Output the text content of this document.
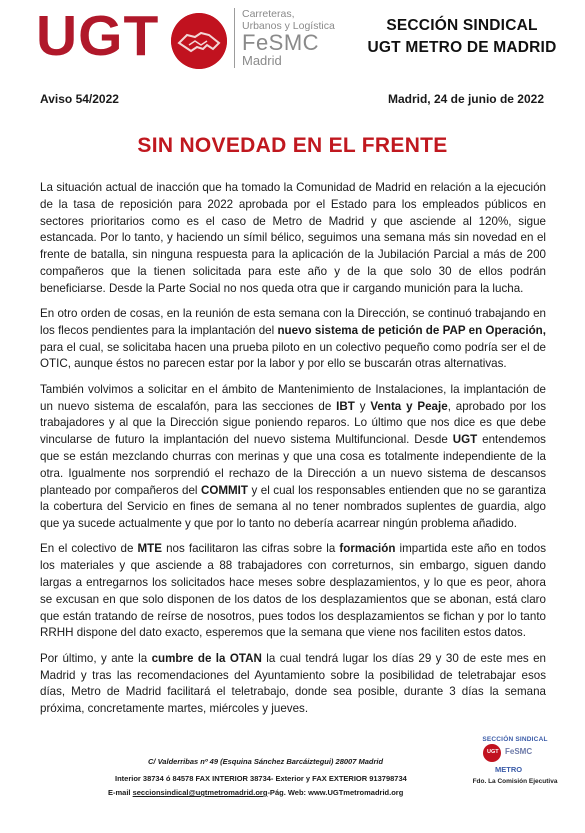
UGT	Carreteras,
Urbanos y Logística
FeSMC
Madrid
SECCIÓN SINDICAL
UGT METRO DE MADRID
Aviso 54/2022	Madrid, 24 de junio de 2022
SIN NOVEDAD EN EL FRENTE

La situación actual de inacción que ha tomado la Comunidad de Madrid en relación a la ejecución de la tasa de reposición para 2022 aprobada por el Estado para los empleados públicos en sectores prioritarios como es el caso de Metro de Madrid y que asciende al 120%, sigue estancada. Por lo tanto, y haciendo un símil bélico, seguimos una semana más sin novedad en el frente de batalla, sin ninguna respuesta para la aplicación de la Jubilación Parcial a más de 200 compañeros que la tienen solicitada para este año y de la que solo 30 de ellos podrán beneficiarse. Desde la Parte Social no nos queda otra que ir cargando munición para la lucha.

En otro orden de cosas, en la reunión de esta semana con la Dirección, se continuó trabajando en los flecos pendientes para la implantación del nuevo sistema de petición de PAP en Operación, para el cual, se solicitaba hacen una prueba piloto en un colectivo pequeño como podría ser el de OTIC, aunque éstos no parecen estar por la labor y por ello se buscarán otras alternativas.

También volvimos a solicitar en el ámbito de Mantenimiento de Instalaciones, la implantación de un nuevo sistema de escalafón, para las secciones de IBT y Venta y Peaje, aprobado por los trabajadores y al que la Dirección sigue poniendo reparos. Lo último que nos dice es que debe vincularse de futuro la implantación del nuevo sistema Multifuncional. Desde UGT entendemos que se están mezclando churras con merinas y que una cosa es totalmente independiente de la otra. Igualmente nos sorprendió el rechazo de la Dirección a un nuevo sistema de descansos planteado por compañeros del COMMIT y el cual los responsables entienden que no se garantiza la cobertura del Servicio en fines de semana al no tener nombrados suplentes de guardia, algo que ya sucede actualmente y que por lo tanto no debería acarrear ningún problema añadido.

En el colectivo de MTE nos facilitaron las cifras sobre la formación impartida este año en todos los materiales y que asciende a 88 trabajadores con correturnos, sin embargo, siguen dando largas a entregarnos los solicitados hace meses sobre desplazamientos, y lo que es peor, ahora se excusan en que solo disponen de los datos de los desplazamientos que se abonan, está claro que están tratando de reírse de nosotros, pues todos los desplazamientos se fichan y por lo tanto RRHH dispone del dato exacto, esperemos que la semana que viene nos faciliten estos datos.

Por último, y ante la cumbre de la OTAN la cual tendrá lugar los días 29 y 30 de este mes en Madrid y tras las recomendaciones del Ayuntamiento sobre la posibilidad de teletrabajar esos días, Metro de Madrid facilitará el teletrabajo, donde sea posible, durante 3 días la semana próxima, concretamente martes, miércoles y jueves.

SECCIÓN SINDICAL
UGT FeSMC
METRO
Fdo. La Comisión Ejecutiva
C/ Valderribas nº 49 (Esquina Sánchez Barcáiztegui) 28007 Madrid
Interior 38734 ó 84578 FAX INTERIOR 38734- Exterior y FAX EXTERIOR 913798734
E-mail seccionsindical@ugtmetromadrid.org-Pág. Web: www.UGTmetromadrid.org
